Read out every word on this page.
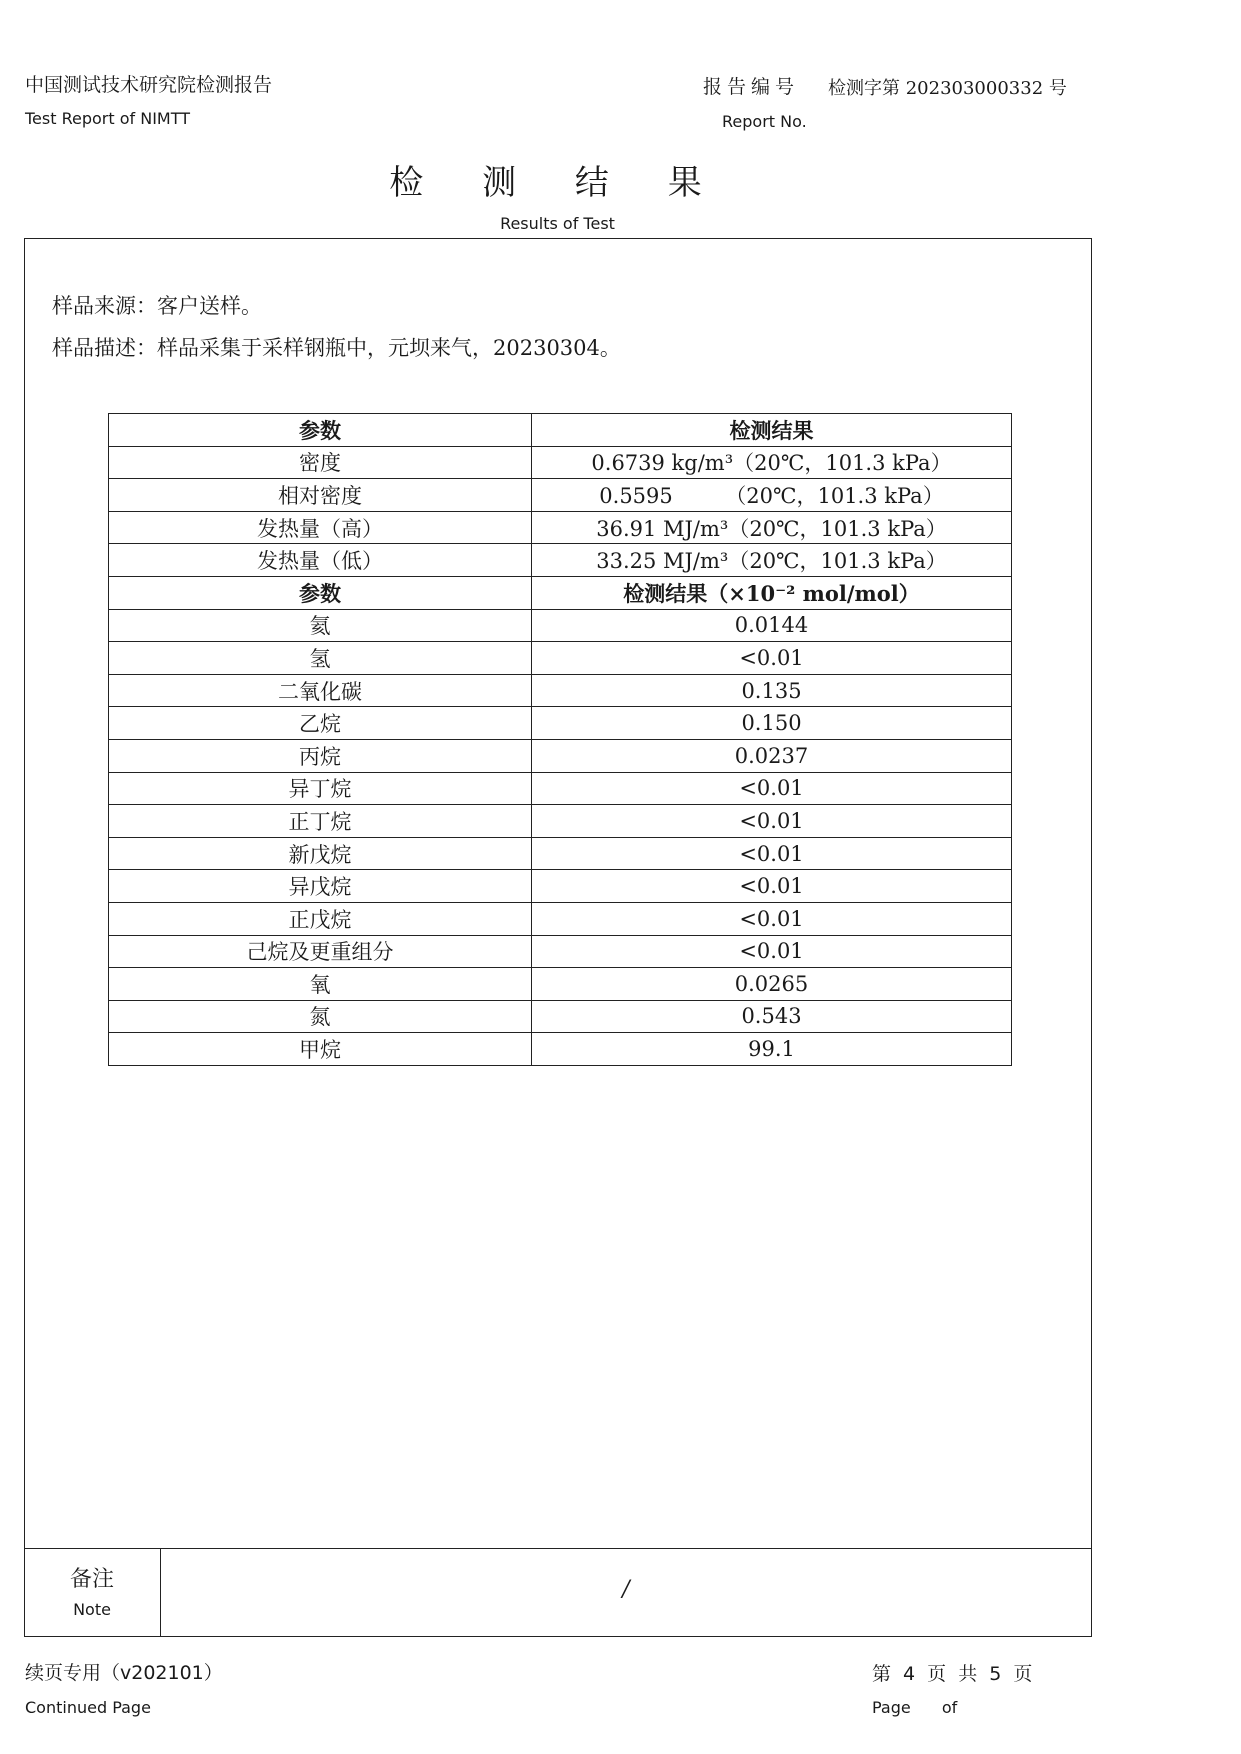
中国测试技术研究院检测报告
Test Report of NIMTT
报告编号 检测字第 202303000332 号
Report No.
检 测 结 果
Results of Test
样品来源：客户送样。
样品描述：样品采集于采样钢瓶中，元坝来气，20230304。
参数	检测结果
密度	0.6739 kg/m³（20℃，101.3 kPa）
相对密度	0.5595　　　（20℃，101.3 kPa）
发热量（高）	36.91 MJ/m³（20℃，101.3 kPa）
发热量（低）	33.25 MJ/m³（20℃，101.3 kPa）
参数	检测结果（×10⁻² mol/mol）
氦	0.0144
氢	<0.01
二氧化碳	0.135
乙烷	0.150
丙烷	0.0237
异丁烷	<0.01
正丁烷	<0.01
新戊烷	<0.01
异戊烷	<0.01
正戊烷	<0.01
己烷及更重组分	<0.01
氧	0.0265
氮	0.543
甲烷	99.1
备注
Note
/
续页专用（v202101）
Continued Page
第 4 页 共 5 页
Page of
